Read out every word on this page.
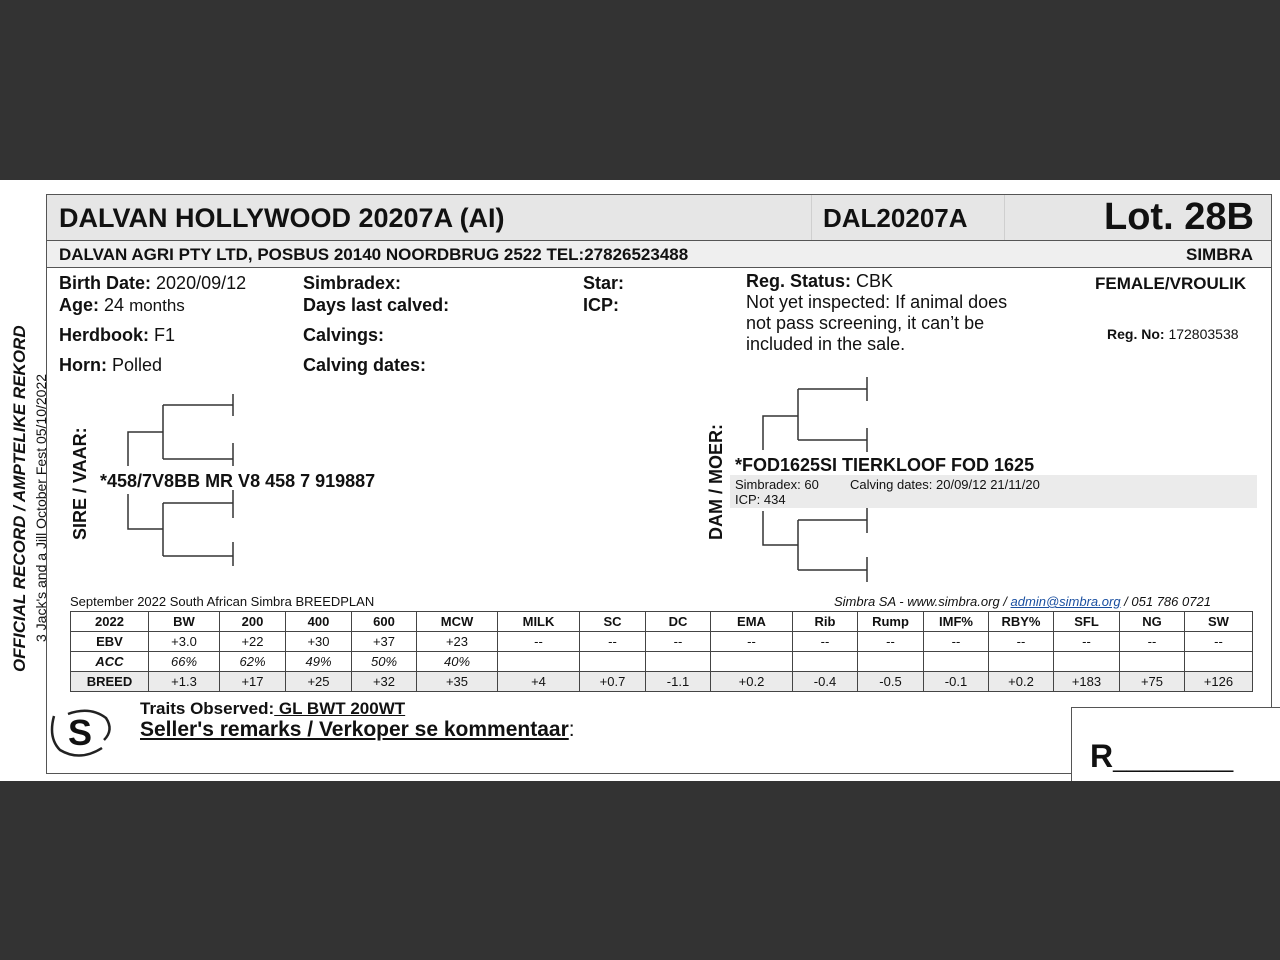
DALVAN HOLLYWOOD 20207A (AI)	DAL20207A	Lot. 28B
DALVAN AGRI PTY LTD, POSBUS 20140 NOORDBRUG 2522 TEL:27826523488	SIMBRA
OFFICIAL RECORD / AMPTELIKE REKORD 3 Jack's and a Jill October Fest 05/10/2022
Birth Date: 2020/09/12
Age: 24 months
Herdbook: F1
Horn: Polled
Simbradex:
Days last calved:
Calvings:
Calving dates:
Star:
ICP:
Reg. Status: CBK
Not yet inspected: If animal does
not pass screening, it can’t be
included in the sale.
FEMALE/VROULIK
Reg. No: 172803538
SIRE / VAAR: *458/7V8BB MR V8 458 7 919887	DAM / MOER: *FOD1625SI TIERKLOOF FOD 1625
Simbradex: 60 Calving dates: 20/09/12 21/11/20
ICP: 434
September 2022 South African Simbra BREEDPLAN	Simbra SA - www.simbra.org / admin@simbra.org / 051 786 0721
2022	BW	200	400	600	MCW	MILK	SC	DC	EMA	Rib	Rump	IMF%	RBY%	SFL	NG	SW
EBV	+3.0	+22	+30	+37	+23	--	--	--	--	--	--	--	--	--	--	--
ACC	66%	62%	49%	50%	40%											
BREED	+1.3	+17	+25	+32	+35	+4	+0.7	-1.1	+0.2	-0.4	-0.5	-0.1	+0.2	+183	+75	+126
S
Traits Observed: GL BWT 200WT
Seller's remarks / Verkoper se kommentaar:
R_________
